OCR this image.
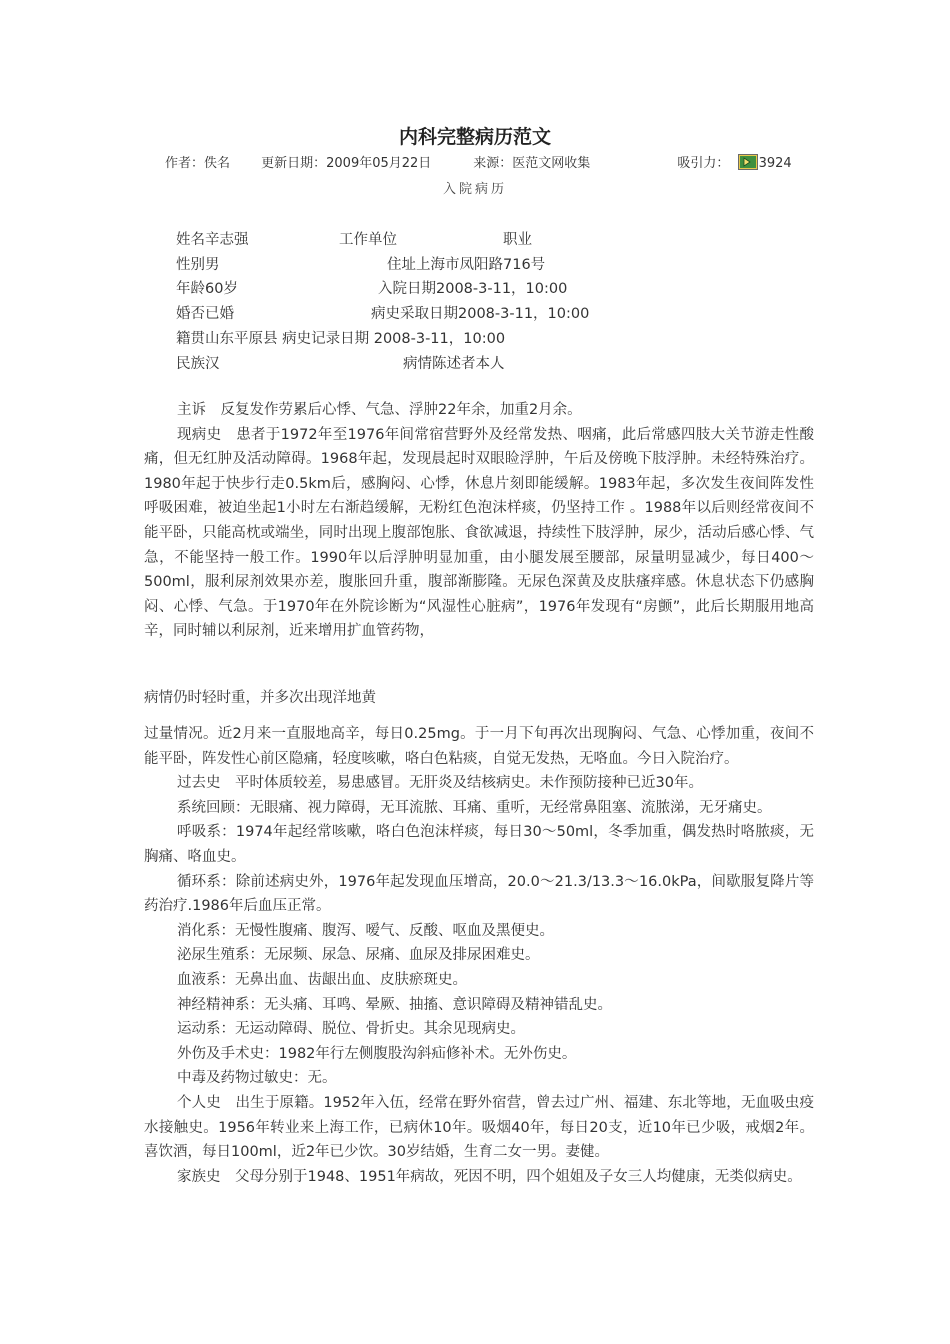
内科完整病历范文
作者：佚名 更新日期：2009年05月22日	来源：医范文网收集	吸引力： 3924
入院病历
姓名辛志强	工作单位	职业
性别男	住址上海市凤阳路716号
年龄60岁	入院日期2008-3-11，10:00
婚否已婚	病史采取日期2008-3-11，10:00
籍贯山东平原县 病史记录日期 2008-3-11，10:00
民族汉	病情陈述者本人

主诉　反复发作劳累后心悸、气急、浮肿22年余，加重2月余。

现病史　患者于1972年至1976年间常宿营野外及经常发热、咽痛，此后常感四肢大关节游走性酸痛，但无红肿及活动障碍。1968年起，发现晨起时双眼睑浮肿，午后及傍晚下肢浮肿。未经特殊治疗。1980年起于快步行走0.5km后，感胸闷、心悸，休息片刻即能缓解。1983年起，多次发生夜间阵发性呼吸困难，被迫坐起1小时左右渐趋缓解，无粉红色泡沫样痰，仍坚持工作 。1988年以后则经常夜间不能平卧，只能高枕或端坐，同时出现上腹部饱胀、食欲减退，持续性下肢浮肿，尿少，活动后感心悸、气急，不能坚持一般工作。1990年以后浮肿明显加重，由小腿发展至腰部，尿量明显减少，每日400～500ml，服利尿剂效果亦差，腹胀回升重，腹部渐膨隆。无尿色深黄及皮肤瘙痒感。休息状态下仍感胸闷、心悸、气急。于1970年在外院诊断为“风湿性心脏病”，1976年发现有“房颤”，此后长期服用地高辛，同时辅以利尿剂，近来增用扩血管药物，

病情仍时轻时重，并多次出现洋地黄

过量情况。近2月来一直服地高辛，每日0.25mg。于一月下旬再次出现胸闷、气急、心悸加重，夜间不能平卧，阵发性心前区隐痛，轻度咳嗽，咯白色粘痰，自觉无发热，无咯血。今日入院治疗。

过去史　平时体质较差，易患感冒。无肝炎及结核病史。未作预防接种已近30年。

系统回顾：无眼痛、视力障碍，无耳流脓、耳痛、重听，无经常鼻阻塞、流脓涕，无牙痛史。

呼吸系：1974年起经常咳嗽，咯白色泡沫样痰，每日30～50ml，冬季加重，偶发热时咯脓痰，无胸痛、咯血史。

循环系：除前述病史外，1976年起发现血压增高，20.0～21.3/13.3～16.0kPa，间歇服复降片等药治疗.1986年后血压正常。

消化系：无慢性腹痛、腹泻、嗳气、反酸、呕血及黑便史。

泌尿生殖系：无尿频、尿急、尿痛、血尿及排尿困难史。

血液系：无鼻出血、齿龈出血、皮肤瘀斑史。

神经精神系：无头痛、耳鸣、晕厥、抽搐、意识障碍及精神错乱史。

运动系：无运动障碍、脱位、骨折史。其余见现病史。

外伤及手术史：1982年行左侧腹股沟斜疝修补术。无外伤史。

中毒及药物过敏史：无。

个人史　出生于原籍。1952年入伍，经常在野外宿营，曾去过广州、福建、东北等地，无血吸虫疫水接触史。1956年转业来上海工作，已病休10年。吸烟40年，每日20支，近10年已少吸，戒烟2年。喜饮酒，每日100ml，近2年已少饮。30岁结婚，生育二女一男。妻健。

家族史　父母分别于1948、1951年病故，死因不明，四个姐姐及子女三人均健康，无类似病史。
